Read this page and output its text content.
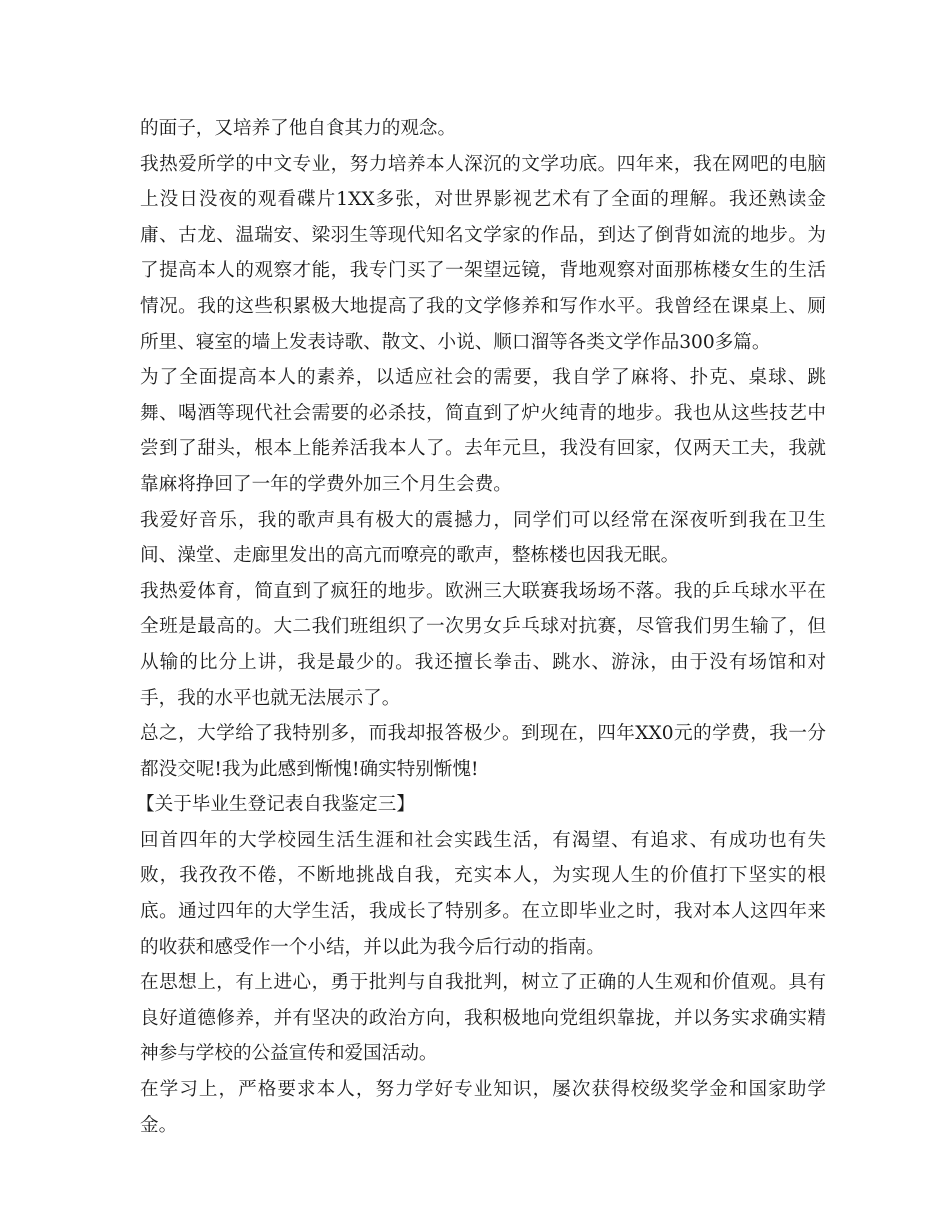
的面子，又培养了他自食其力的观念。

我热爱所学的中文专业，努力培养本人深沉的文学功底。四年来，我在网吧的电脑上没日没夜的观看碟片1XX多张，对世界影视艺术有了全面的理解。我还熟读金庸、古龙、温瑞安、梁羽生等现代知名文学家的作品，到达了倒背如流的地步。为了提高本人的观察才能，我专门买了一架望远镜，背地观察对面那栋楼女生的生活情况。我的这些积累极大地提高了我的文学修养和写作水平。我曾经在课桌上、厕所里、寝室的墙上发表诗歌、散文、小说、顺口溜等各类文学作品300多篇。

为了全面提高本人的素养，以适应社会的需要，我自学了麻将、扑克、桌球、跳舞、喝酒等现代社会需要的必杀技，简直到了炉火纯青的地步。我也从这些技艺中尝到了甜头，根本上能养活我本人了。去年元旦，我没有回家，仅两天工夫，我就靠麻将挣回了一年的学费外加三个月生会费。

我爱好音乐，我的歌声具有极大的震撼力，同学们可以经常在深夜听到我在卫生间、澡堂、走廊里发出的高亢而嘹亮的歌声，整栋楼也因我无眠。

我热爱体育，简直到了疯狂的地步。欧洲三大联赛我场场不落。我的乒乓球水平在全班是最高的。大二我们班组织了一次男女乒乓球对抗赛，尽管我们男生输了，但从输的比分上讲，我是最少的。我还擅长拳击、跳水、游泳，由于没有场馆和对手，我的水平也就无法展示了。

总之，大学给了我特别多，而我却报答极少。到现在，四年XX0元的学费，我一分都没交呢!我为此感到惭愧!确实特别惭愧!

【关于毕业生登记表自我鉴定三】

回首四年的大学校园生活生涯和社会实践生活，有渴望、有追求、有成功也有失败，我孜孜不倦，不断地挑战自我，充实本人，为实现人生的价值打下坚实的根底。通过四年的大学生活，我成长了特别多。在立即毕业之时，我对本人这四年来的收获和感受作一个小结，并以此为我今后行动的指南。

在思想上，有上进心，勇于批判与自我批判，树立了正确的人生观和价值观。具有良好道德修养，并有坚决的政治方向，我积极地向党组织靠拢，并以务实求确实精神参与学校的公益宣传和爱国活动。

在学习上，严格要求本人，努力学好专业知识，屡次获得校级奖学金和国家助学金。
